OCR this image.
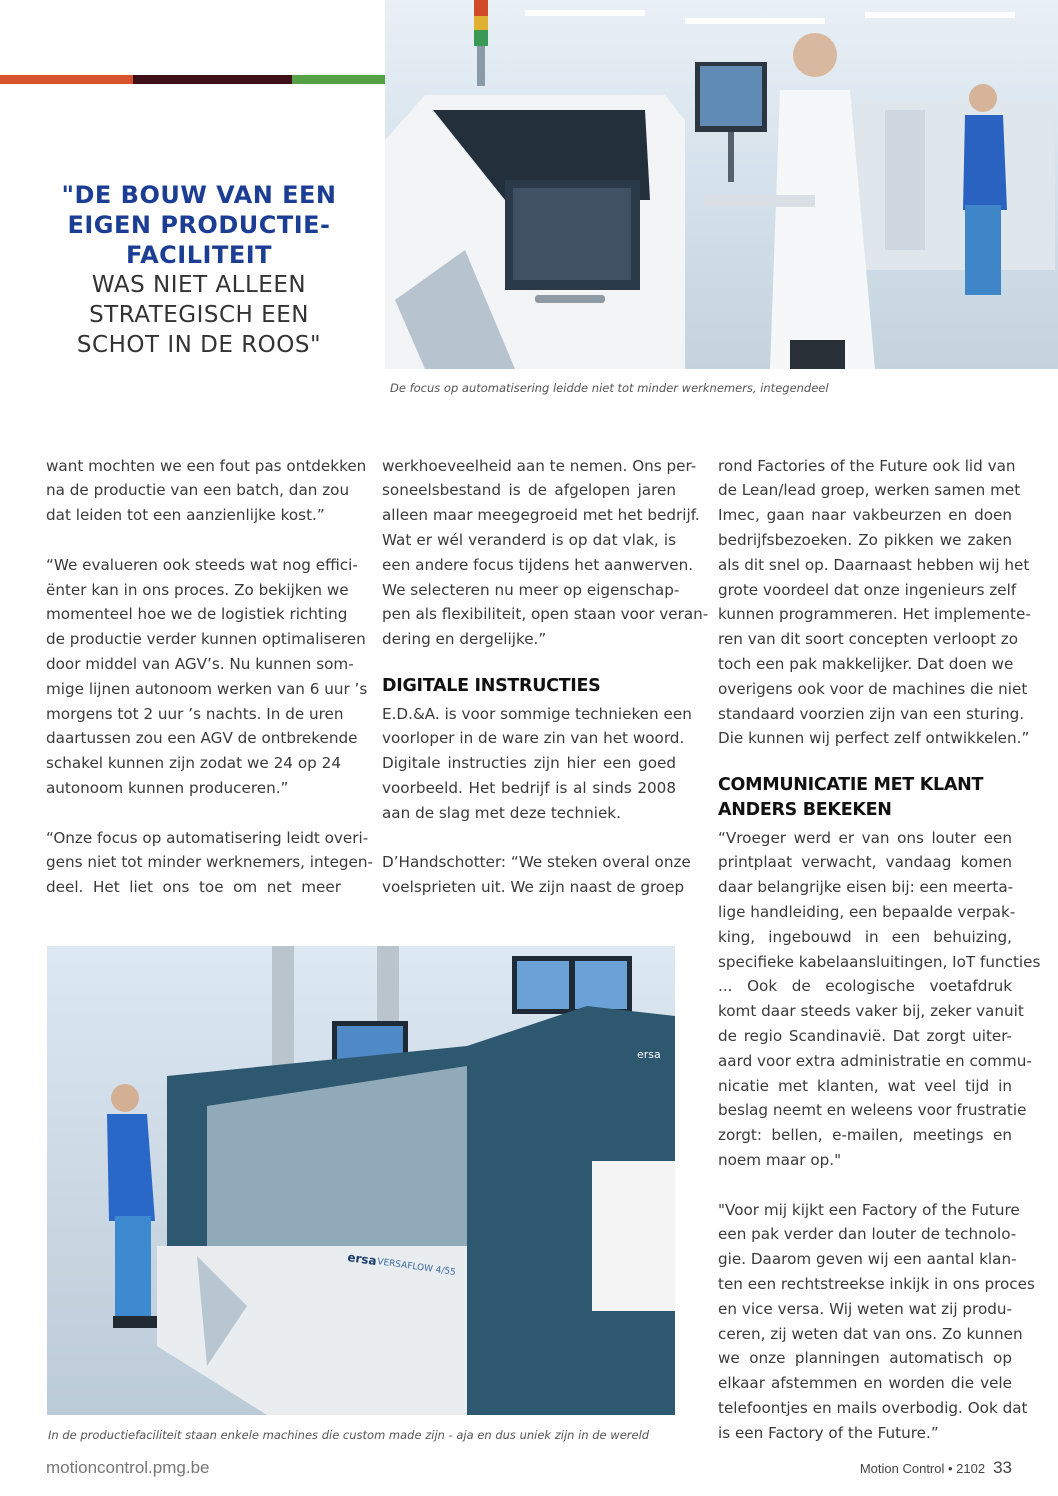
De focus op automatisering leidde niet tot minder werknemers, integendeel
"DE BOUW VAN EEN
EIGEN PRODUCTIE-
FACILITEIT
WAS NIET ALLEEN
STRATEGISCH EEN
SCHOT IN DE ROOS"
want mochten we een fout pas ontdekken
na de productie van een batch, dan zou
dat leiden tot een aanzienlijke kost.”
“We evalueren ook steeds wat nog effici-
ënter kan in ons proces. Zo bekijken we
momenteel hoe we de logistiek richting
de productie verder kunnen optimaliseren
door middel van AGV’s. Nu kunnen som-
mige lijnen autonoom werken van 6 uur ’s
morgens tot 2 uur ’s nachts. In de uren
daartussen zou een AGV de ontbrekende
schakel kunnen zijn zodat we 24 op 24
autonoom kunnen produceren.”
“Onze focus op automatisering leidt overi-
gens niet tot minder werknemers, integen-
deel. Het liet ons toe om net meer
werkhoeveelheid aan te nemen. Ons per-
soneelsbestand is de afgelopen jaren
alleen maar meegegroeid met het bedrijf.
Wat er wél veranderd is op dat vlak, is
een andere focus tijdens het aanwerven.
We selecteren nu meer op eigenschap-
pen als flexibiliteit, open staan voor veran-
dering en dergelijke.”
DIGITALE INSTRUCTIES
E.D.&A. is voor sommige technieken een
voorloper in de ware zin van het woord.
Digitale instructies zijn hier een goed
voorbeeld. Het bedrijf is al sinds 2008
aan de slag met deze techniek.
D’Handschotter: “We steken overal onze
voelsprieten uit. We zijn naast de groep
rond Factories of the Future ook lid van
de Lean/lead groep, werken samen met
Imec, gaan naar vakbeurzen en doen
bedrijfsbezoeken. Zo pikken we zaken
als dit snel op. Daarnaast hebben wij het
grote voordeel dat onze ingenieurs zelf
kunnen programmeren. Het implemente-
ren van dit soort concepten verloopt zo
toch een pak makkelijker. Dat doen we
overigens ook voor de machines die niet
standaard voorzien zijn van een sturing.
Die kunnen wij perfect zelf ontwikkelen.”
COMMUNICATIE MET KLANT
ANDERS BEKEKEN
“Vroeger werd er van ons louter een
printplaat verwacht, vandaag komen
daar belangrijke eisen bij: een meerta-
lige handleiding, een bepaalde verpak-
king, ingebouwd in een behuizing,
specifieke kabelaansluitingen, IoT functies
... Ook de ecologische voetafdruk
komt daar steeds vaker bij, zeker vanuit
de regio Scandinavië. Dat zorgt uiter-
aard voor extra administratie en commu-
nicatie met klanten, wat veel tijd in
beslag neemt en weleens voor frustratie
zorgt: bellen, e-mailen, meetings en
noem maar op."
"Voor mij kijkt een Factory of the Future
een pak verder dan louter de technolo-
gie. Daarom geven wij een aantal klan-
ten een rechtstreekse inkijk in ons proces
en vice versa. Wij weten wat zij produ-
ceren, zij weten dat van ons. Zo kunnen
we onze planningen automatisch op
elkaar afstemmen en worden die vele
telefoontjes en mails overbodig. Ook dat
is een Factory of the Future.”
ersa VERSAFLOW 4/55
ersa
In de productiefaciliteit staan enkele machines die custom made zijn - aja en dus uniek zijn in de wereld
motioncontrol.pmg.be	Motion Control • 2102 33
